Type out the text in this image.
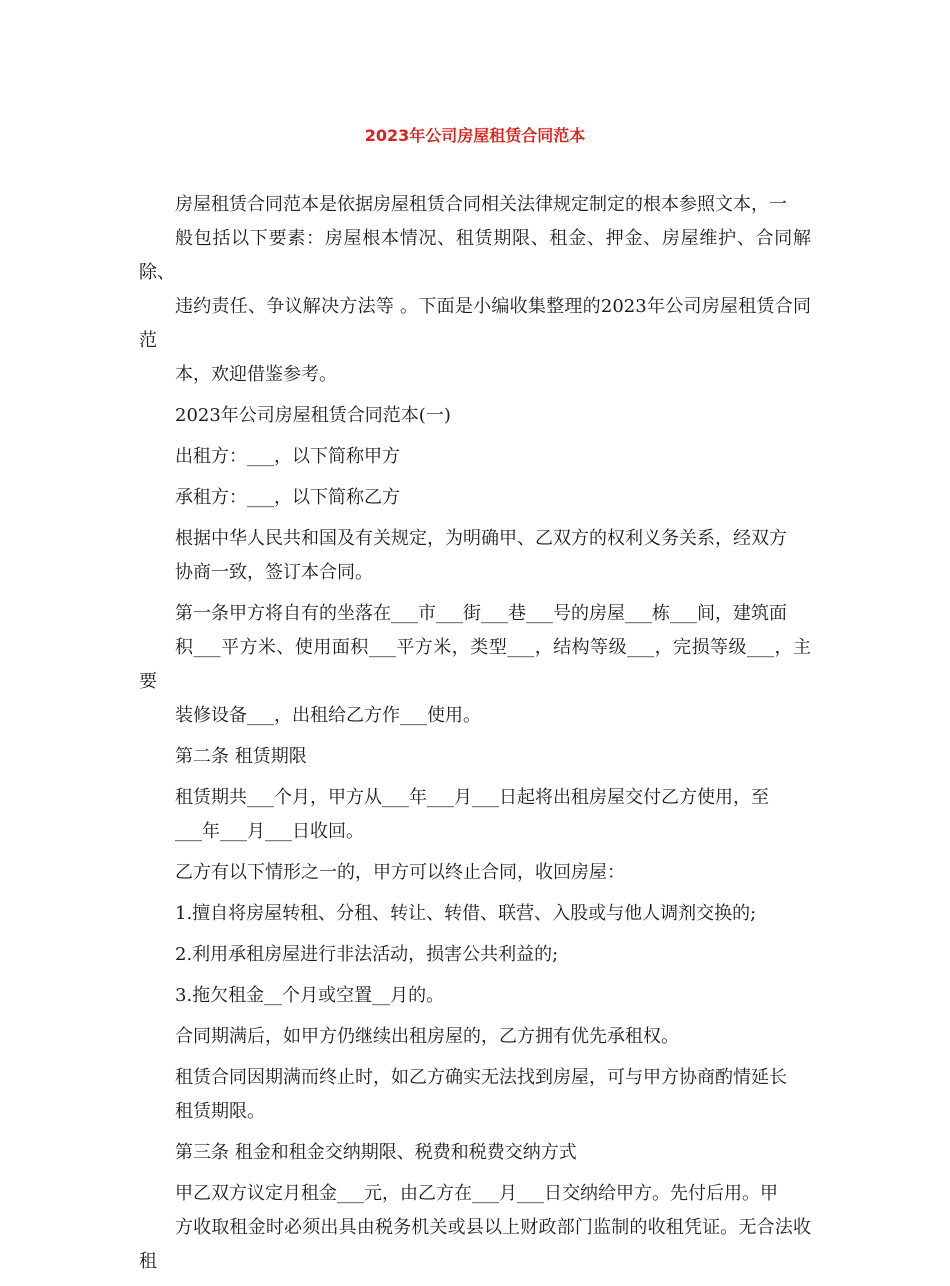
2023年公司房屋租赁合同范本

房屋租赁合同范本是依据房屋租赁合同相关法律规定制定的根本参照文本，一
般包括以下要素：房屋根本情况、租赁期限、租金、押金、房屋维护、合同解除、
违约责任、争议解决方法等 。下面是小编收集整理的2023年公司房屋租赁合同范
本，欢迎借鉴参考。

2023年公司房屋租赁合同范本(一)

出租方：___，以下简称甲方

承租方：___，以下简称乙方

根据中华人民共和国及有关规定，为明确甲、乙双方的权利义务关系，经双方
协商一致，签订本合同。

第一条甲方将自有的坐落在___市___街___巷___号的房屋___栋___间，建筑面
积___平方米、使用面积___平方米，类型___，结构等级___，完损等级___，主要
装修设备___，出租给乙方作___使用。

第二条 租赁期限

租赁期共___个月，甲方从___年___月___日起将出租房屋交付乙方使用，至
___年___月___日收回。

乙方有以下情形之一的，甲方可以终止合同，收回房屋：

1.擅自将房屋转租、分租、转让、转借、联营、入股或与他人调剂交换的;

2.利用承租房屋进行非法活动，损害公共利益的;

3.拖欠租金__个月或空置__月的。

合同期满后，如甲方仍继续出租房屋的，乙方拥有优先承租权。

租赁合同因期满而终止时，如乙方确实无法找到房屋，可与甲方协商酌情延长
租赁期限。

第三条 租金和租金交纳期限、税费和税费交纳方式

甲乙双方议定月租金___元，由乙方在___月___日交纳给甲方。先付后用。甲
方收取租金时必须出具由税务机关或县以上财政部门监制的收租凭证。无合法收租
